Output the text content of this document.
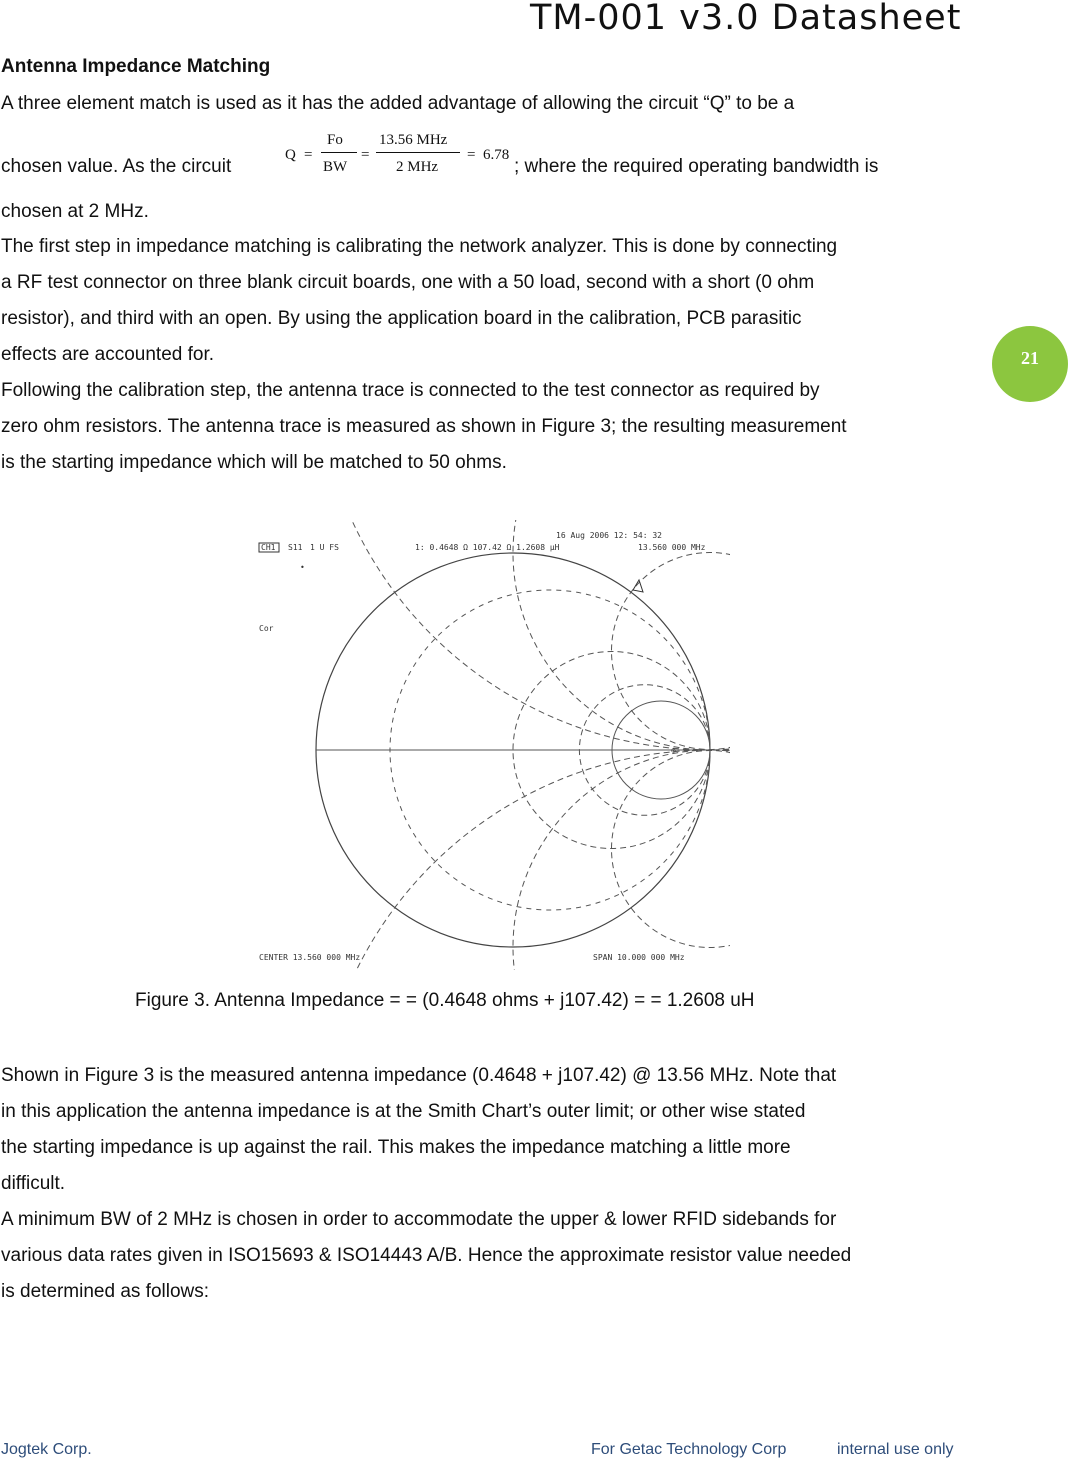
TM-001 v3.0 Datasheet
Antenna Impedance Matching

A three element match is used as it has the added advantage of allowing the circuit “Q” to be a

chosen value. As the circuit
Q =
Fo
BW
=
13.56 MHz
2 MHz
= 6.78
; where the required operating bandwidth is

chosen at 2 MHz.

The first step in impedance matching is calibrating the network analyzer. This is done by connecting
a RF test connector on three blank circuit boards, one with a 50 load, second with a short (0 ohm
resistor), and third with an open. By using the application board in the calibration, PCB parasitic
effects are accounted for.
Following the calibration step, the antenna trace is connected to the test connector as required by
zero ohm resistors. The antenna trace is measured as shown in Figure 3; the resulting measurement
is the starting impedance which will be matched to 50 ohms.

21
16 Aug 2006 12: 54: 32
CH1 S11 1 U FS	1: 0.4648 Ω 107.42 Ω 1.2608 µH	13.560 000 MHz
•
Cor
⊕
CENTER 13.560 000 MHz	SPAN 10.000 000 MHz

Figure 3. Antenna Impedance = = (0.4648 ohms + j107.42) = = 1.2608 uH

Shown in Figure 3 is the measured antenna impedance (0.4648 + j107.42) @ 13.56 MHz. Note that
in this application the antenna impedance is at the Smith Chart’s outer limit; or other wise stated
the starting impedance is up against the rail. This makes the impedance matching a little more
difficult.
A minimum BW of 2 MHz is chosen in order to accommodate the upper & lower RFID sidebands for
various data rates given in ISO15693 & ISO14443 A/B. Hence the approximate resistor value needed
is determined as follows:

Jogtek Corp.	For Getac Technology Corp	internal use only
